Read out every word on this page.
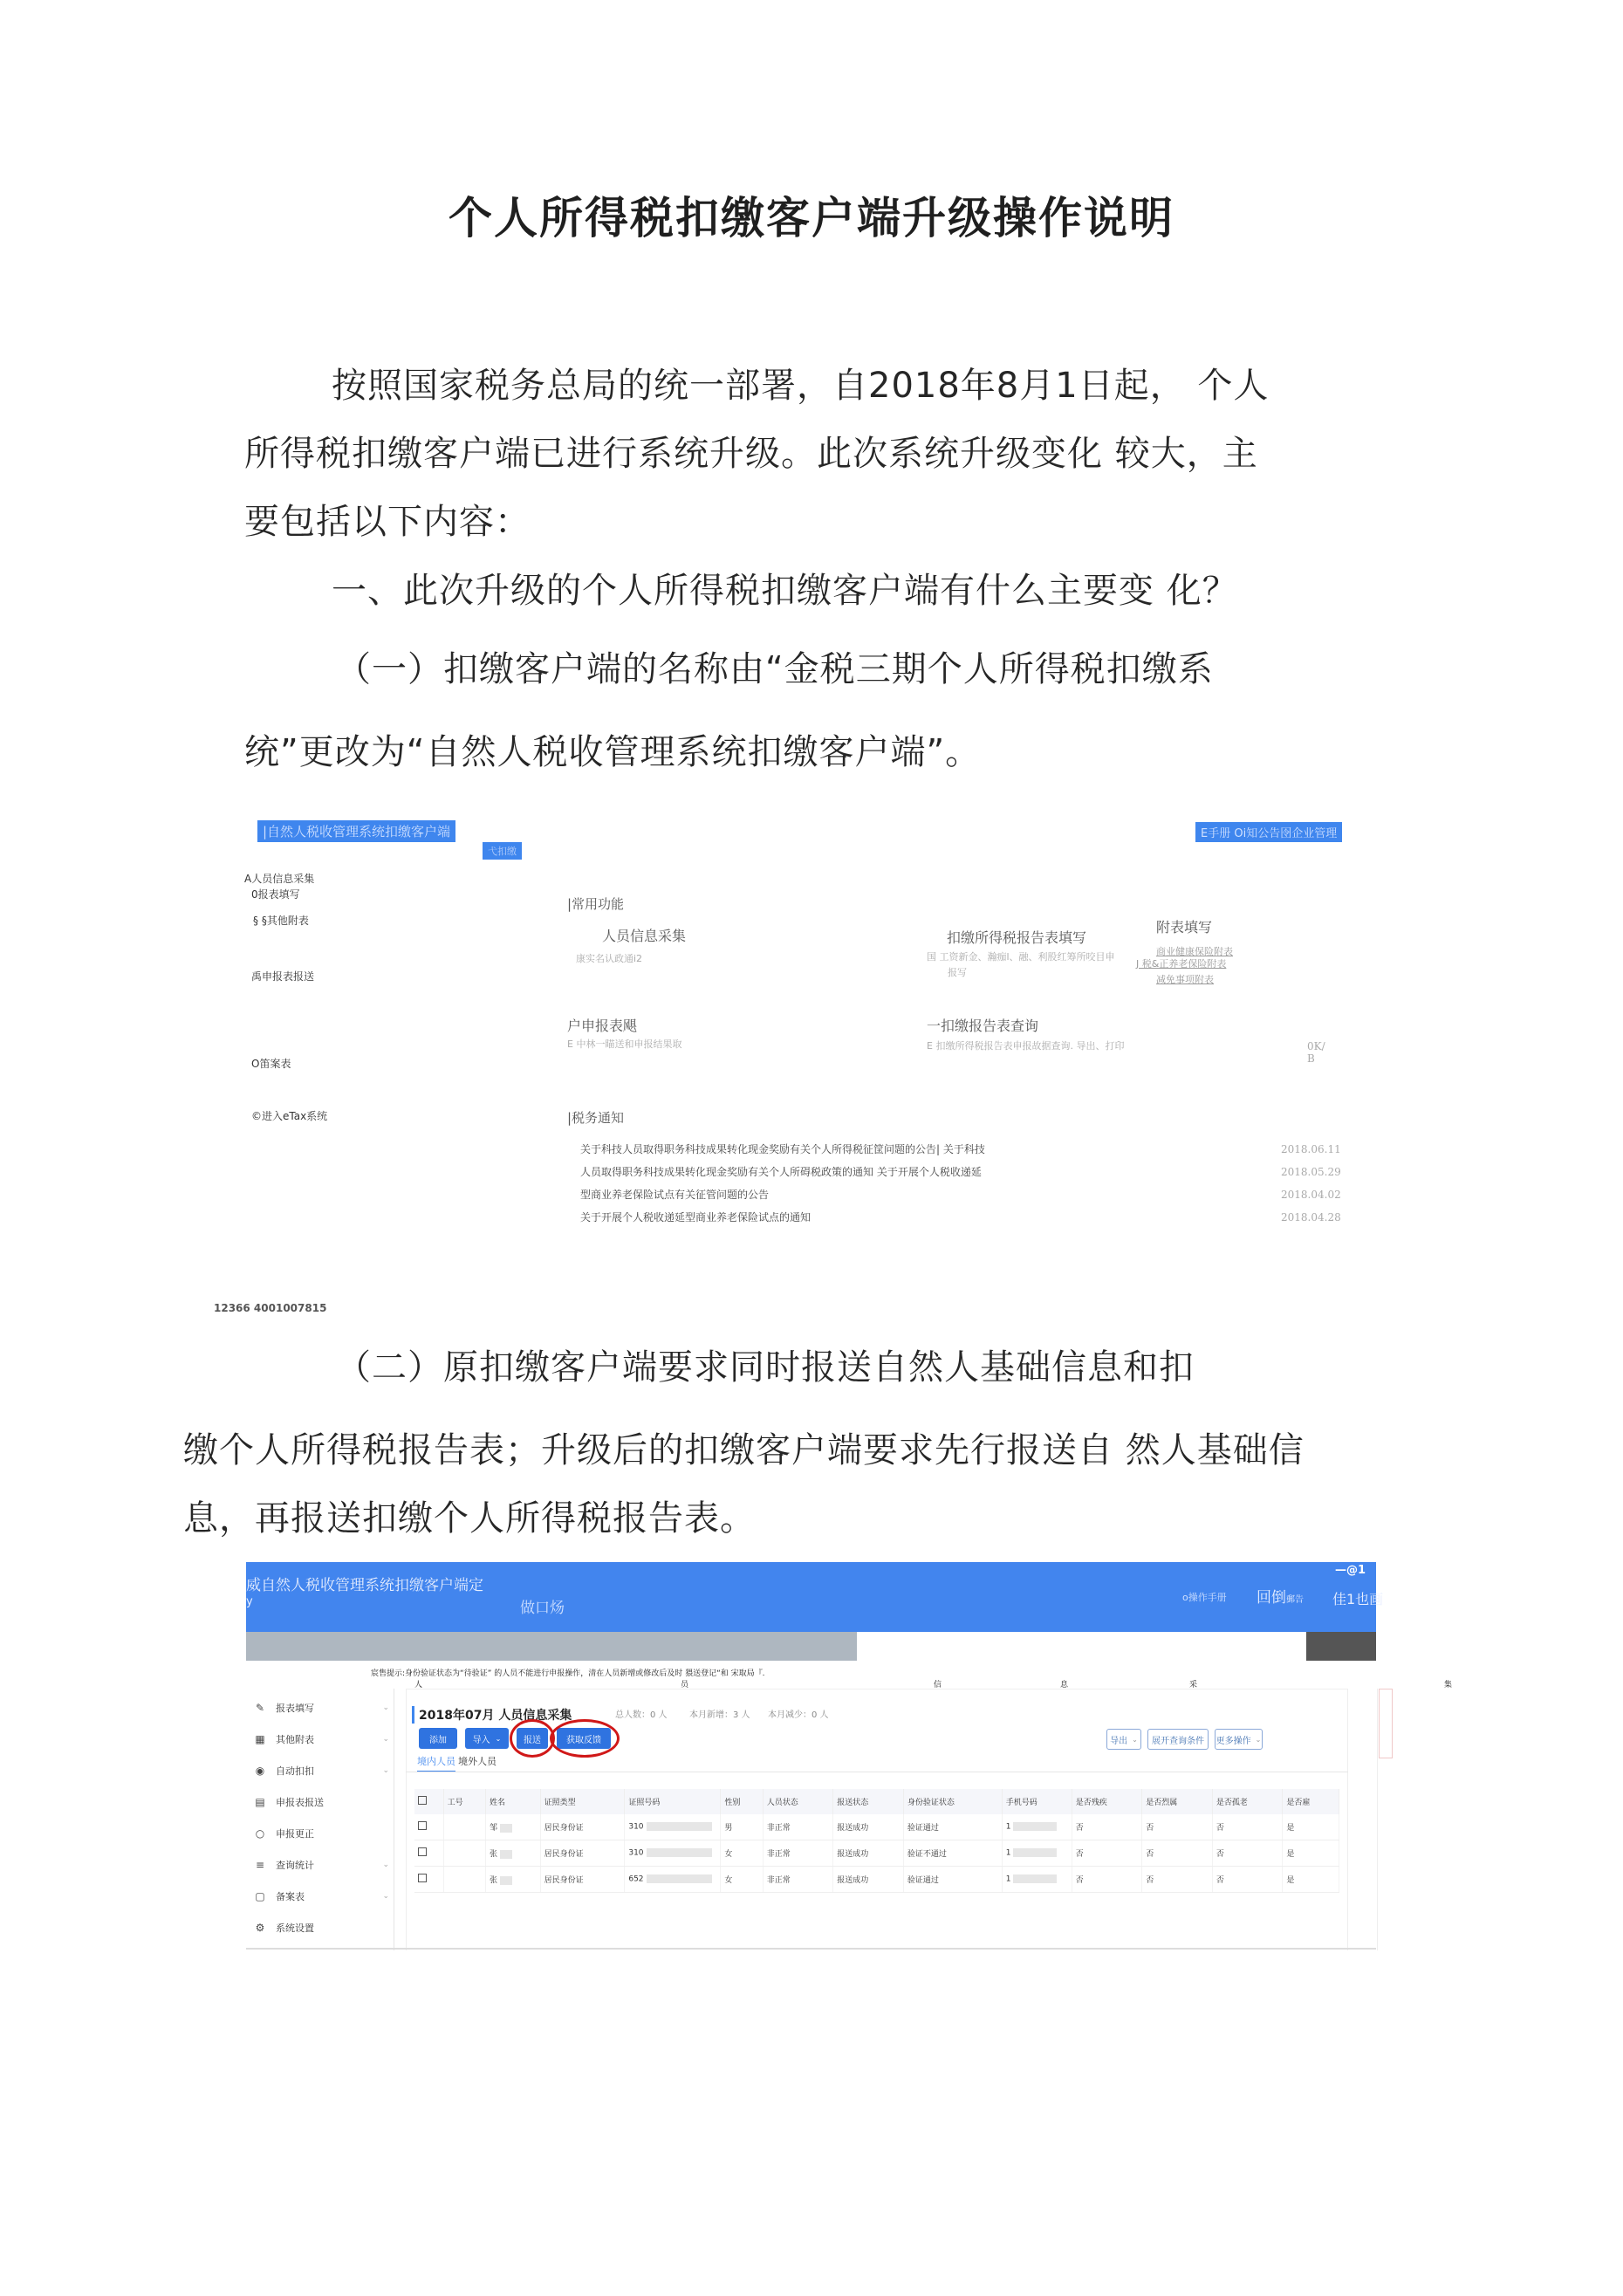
个人所得税扣缴客户端升级操作说明
按照国家税务总局的统一部署，自2018年8月1日起， 个人
所得税扣缴客户端已进行系统升级。此次系统升级变化 较大，主
要包括以下内容：
一、此次升级的个人所得税扣缴客户端有什么主要变 化？
（一）扣缴客户端的名称由“金税三期个人所得税扣缴系
统”更改为“自然人税收管理系统扣缴客户端”。
|自然人税收管理系统扣缴客户端
弋扣缴
E手册 Oi知公告囹企业管理
A人员信息采集
0报表填写
§ §其他附表
禹申报表报送
O笛案表
©进入eTax系统
|常用功能
人员信息采集
康实名认政通i2
扣缴所得税报告表填写
国 工资新金、瀚痂l、融、利股红筹所咬目申
报写
附表填写
商业健康保险附表
J 税&正养老保险附表
减免事项附表
户申报表飓
E 中林一瞄送和申报结果取
一扣缴报告表查询
E 扣缴所得税报告表申报故据查询. 导出、打印	0K/
B
|税务通知
关于科技人员取得职务科技成果转化现金奖励有关个人所得税征筐问题的公告| 关于科技	2018.06.11
人员取得职务科技成果转化现金奖励有关个人所碍税政策的通知 关于开展个人税收递延	2018.05.29
型商业养老保险试点有关征管问题的公告	2018.04.02
关于开展个人税收递延型商业养老保险试点的通知	2018.04.28
12366 4001007815
（二）原扣缴客户端要求同时报送自然人基础信息和扣
缴个人所得税报告表；升级后的扣缴客户端要求先行报送自 然人基础信
息，再报送扣缴个人所得税报告表。
威自然人税收管理系统扣缴客户端定
y	做口炀
o操作手册 回倒郵告
—@1
佳1也画
宸售提示:身份验证状态为“待验证” 的人员不能进行申报操作，清在人员新增或修改后及时 猥送登记“和 宋取局『.
人	员	信	息	采	集
✎ 报表填写	⌄
▦ 其他附表	⌄
◉ 自动扣扣	⌄
▤ 申报表报送
○ 申报更正
≡ 查询统计	⌄
▢ 备案表	⌄
⚙ 系统设置
2018年07月 人员信息采集	总人数：0 人	本月新增：3 人 本月减少：0 人
添加	导入 ⌄	报送	获取反馈	导出 ⌄	展开查询条件	更多操作 ⌄
境内人员 境外人员
	工号	姓名	证照类型	证照号码	性别	人员状态	报送状态	身份验证状态	手机号码	是否残疾	是否烈属	是否孤老	是否雇
		邹	居民身份证	310	男	非正常	报送成功	验证通过	1	否	否	否	是
		张	居民身份证	310	女	非正常	报送成功	验证不通过	1	否	否	否	是
		张	居民身份证	652	女	非正常	报送成功	验证通过	1	否	否	否	是
